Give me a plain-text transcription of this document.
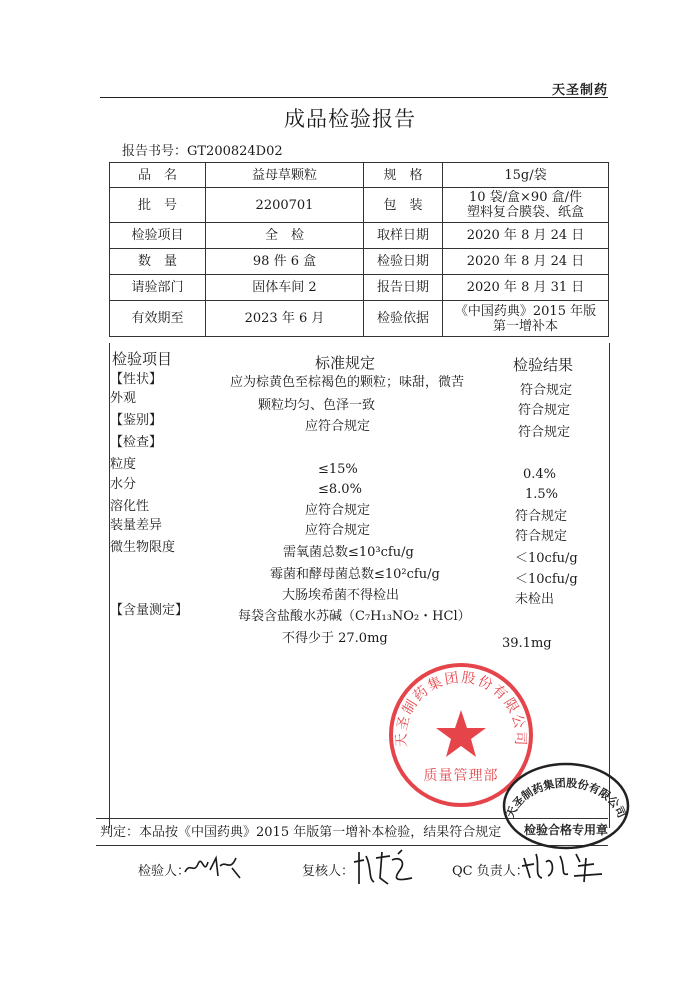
天圣制药
成品检验报告
报告书号：GT200824D02
品　名	益母草颗粒	规　格	15g/袋
批　号	2200701	包　装	10 袋/盒×90 盒/件
塑料复合膜袋、纸盒

检验项目	全　检	取样日期	2020 年 8 月 24 日
数　量	98 件 6 盒	检验日期	2020 年 8 月 24 日
请验部门	固体车间 2	报告日期	2020 年 8 月 31 日
有效期至	2023 年 6 月	检验依据	《中国药典》2015 年版
第一增补本
检验项目	标准规定	检验结果
【性状】	应为棕黄色至棕褐色的颗粒；味甜，微苦
符合规定
外观	颗粒均匀、色泽一致	符合规定
【鉴别】	应符合规定	符合规定
【检查】
粒度	≤15%	0.4%
水分	≤8.0%	1.5%
溶化性	应符合规定	符合规定
装量差异	应符合规定	符合规定
微生物限度	需氧菌总数≤10³cfu/g	＜10cfu/g
霉菌和酵母菌总数≤10²cfu/g	＜10cfu/g
大肠埃希菌不得检出	未检出
【含量测定】	每袋含盐酸水苏碱（C₇H₁₃NO₂・HCl）
不得少于 27.0mg	39.1mg
天圣制药集团股份有限公司
质量管理部
判定：本品按《中国药典》2015 年版第一增补本检验，结果符合规定
天圣制药集团股份有限公司
检验合格专用章
检验人：	复核人：	QC 负责人：
